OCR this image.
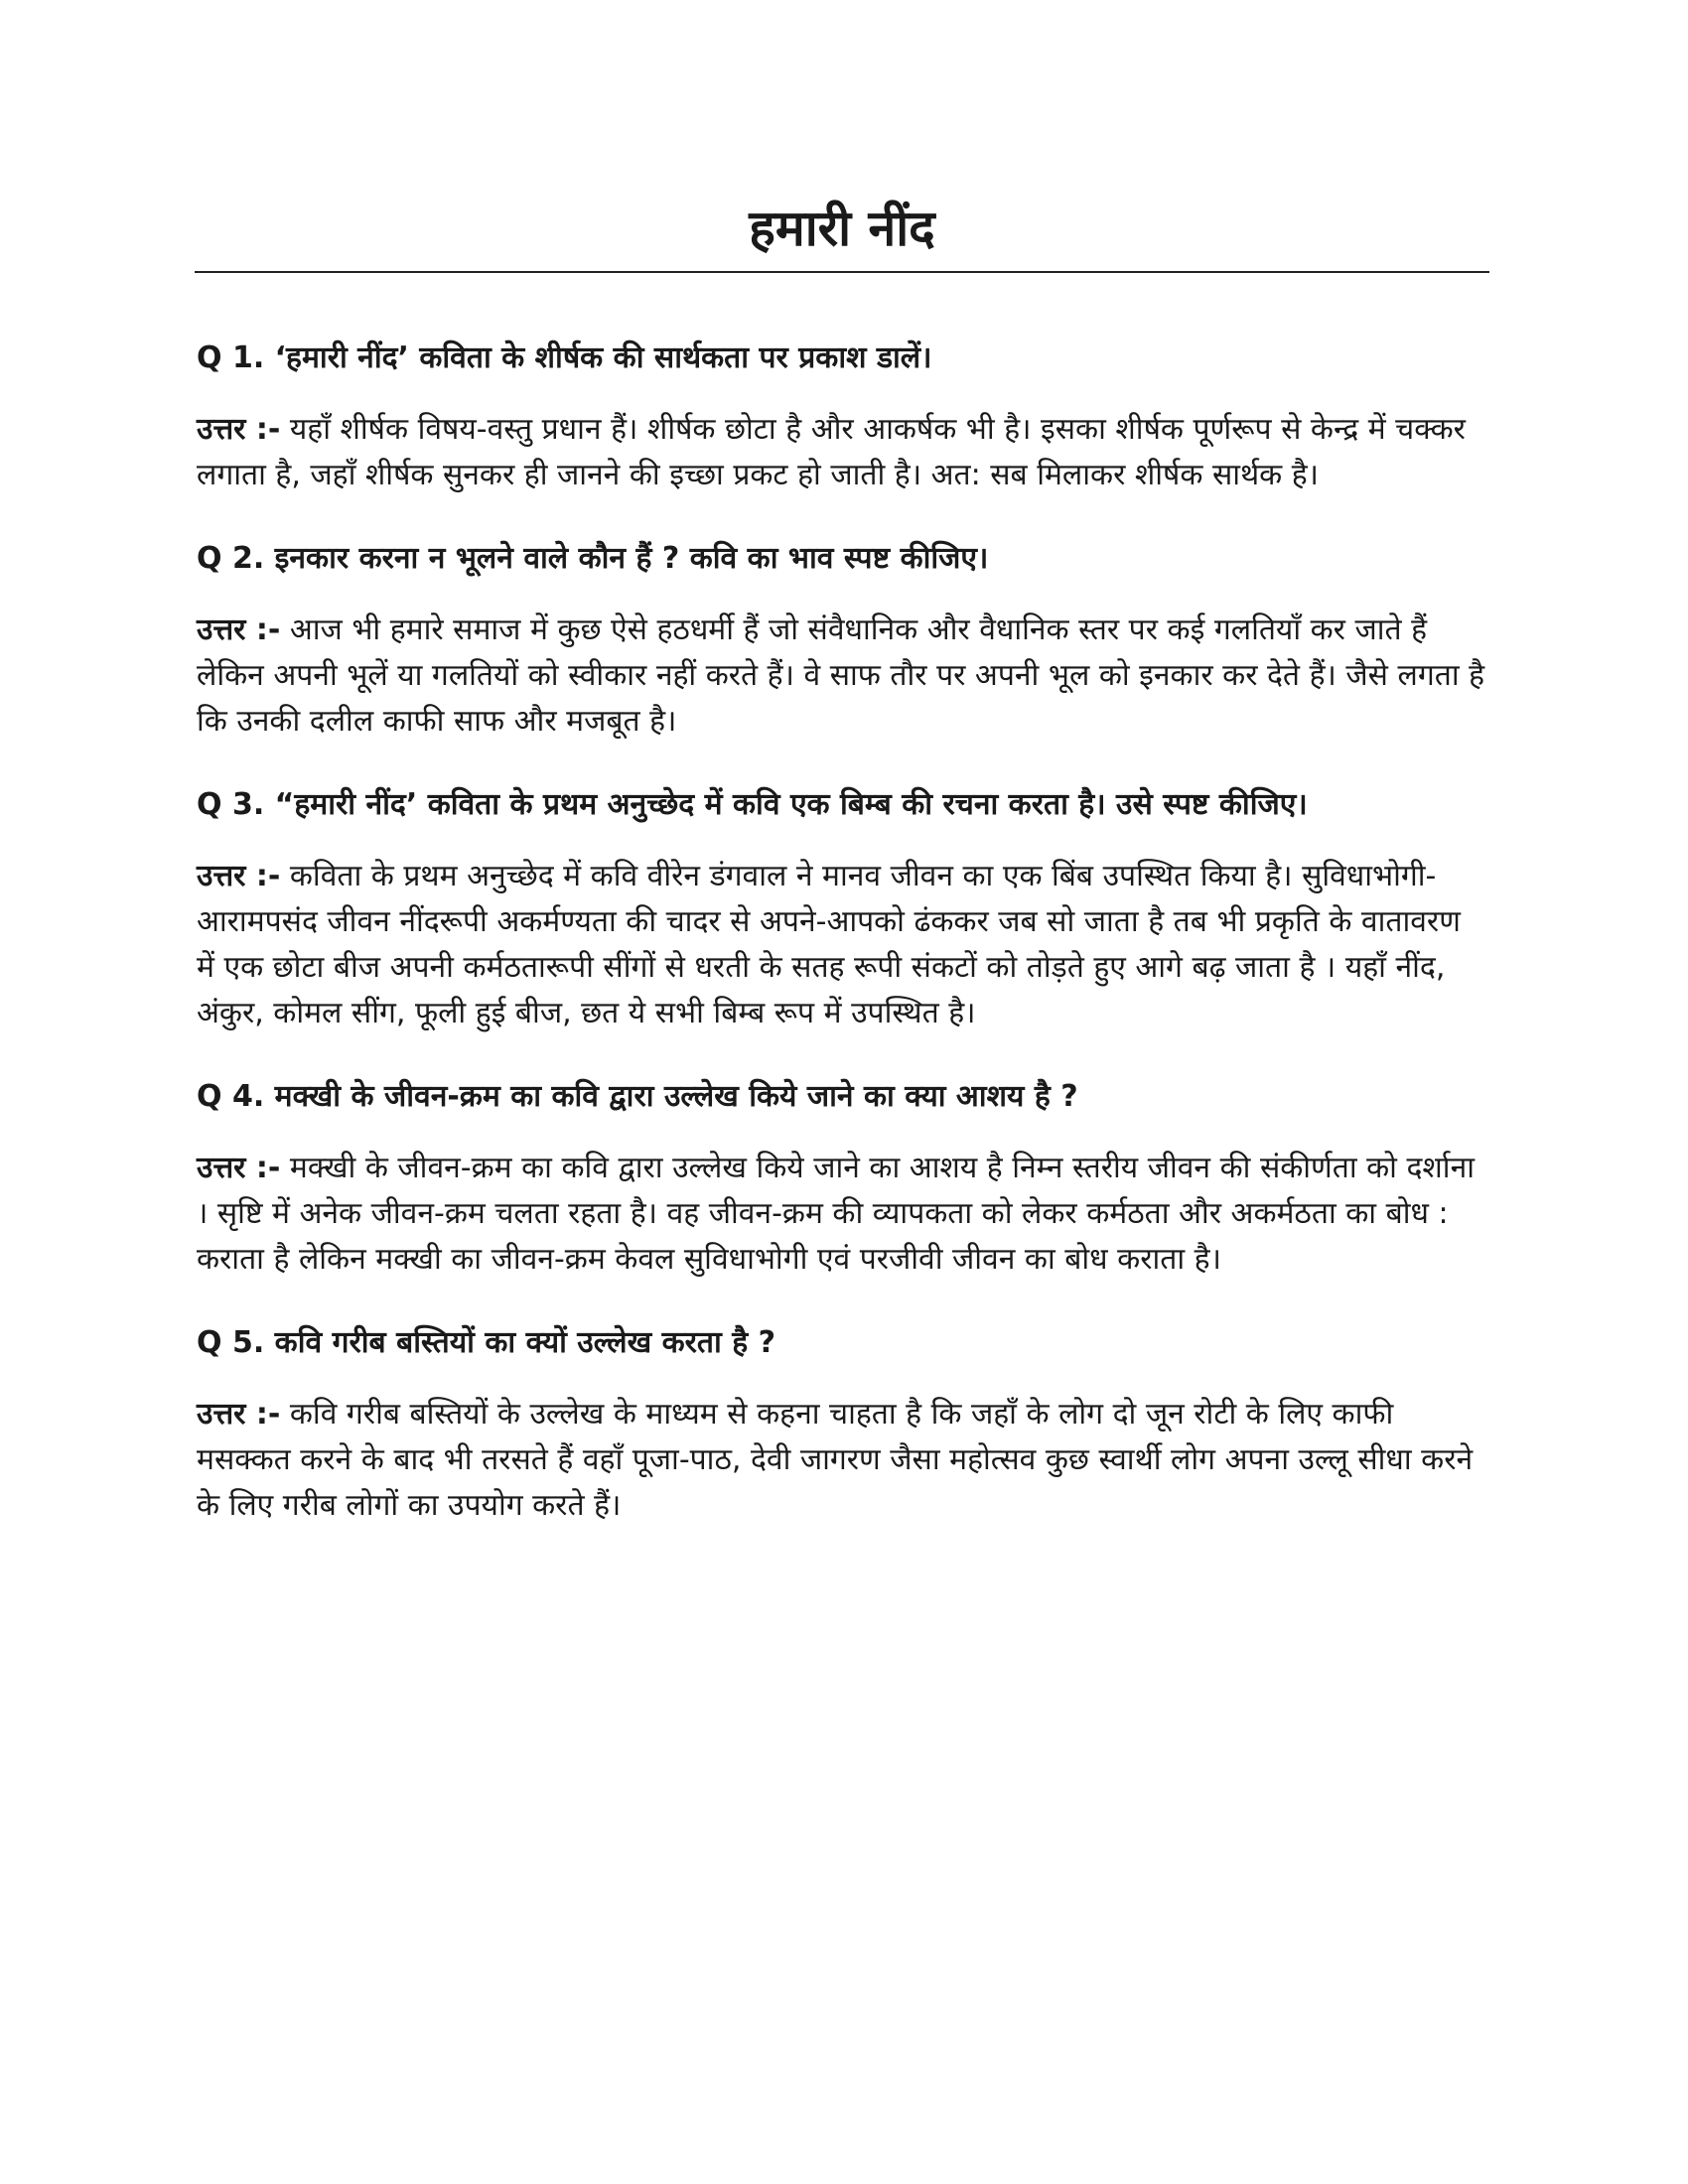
हमारी नींद

Q 1. ‘हमारी नींद’ कविता के शीर्षक की सार्थकता पर प्रकाश डालें।

उत्तर :- यहाँ शीर्षक विषय-वस्तु प्रधान हैं। शीर्षक छोटा है और आकर्षक भी है। इसका शीर्षक पूर्णरूप से केन्द्र में चक्कर लगाता है, जहाँ शीर्षक सुनकर ही जानने की इच्छा प्रकट हो जाती है। अत: सब मिलाकर शीर्षक सार्थक है।

Q 2. इनकार करना न भूलने वाले कौन हैं ? कवि का भाव स्पष्ट कीजिए।

उत्तर :- आज भी हमारे समाज में कुछ ऐसे हठधर्मी हैं जो संवैधानिक और वैधानिक स्तर पर कई गलतियाँ कर जाते हैं लेकिन अपनी भूलें या गलतियों को स्वीकार नहीं करते हैं। वे साफ तौर पर अपनी भूल को इनकार कर देते हैं। जैसे लगता है कि उनकी दलील काफी साफ और मजबूत है।

Q 3. “हमारी नींद’ कविता के प्रथम अनुच्छेद में कवि एक बिम्ब की रचना करता है। उसे स्पष्ट कीजिए।

उत्तर :- कविता के प्रथम अनुच्छेद में कवि वीरेन डंगवाल ने मानव जीवन का एक बिंब उपस्थित किया है। सुविधाभोगी-आरामपसंद जीवन नींदरूपी अकर्मण्यता की चादर से अपने-आपको ढंककर जब सो जाता है तब भी प्रकृति के वातावरण में एक छोटा बीज अपनी कर्मठतारूपी सींगों से धरती के सतह रूपी संकटों को तोड़ते हुए आगे बढ़ जाता है । यहाँ नींद, अंकुर, कोमल सींग, फूली हुई बीज, छत ये सभी बिम्ब रूप में उपस्थित है।

Q 4. मक्खी के जीवन-क्रम का कवि द्वारा उल्लेख किये जाने का क्या आशय है ?

उत्तर :- मक्खी के जीवन-क्रम का कवि द्वारा उल्लेख किये जाने का आशय है निम्न स्तरीय जीवन की संकीर्णता को दर्शाना । सृष्टि में अनेक जीवन-क्रम चलता रहता है। वह जीवन-क्रम की व्यापकता को लेकर कर्मठता और अकर्मठता का बोध : कराता है लेकिन मक्खी का जीवन-क्रम केवल सुविधाभोगी एवं परजीवी जीवन का बोध कराता है।

Q 5. कवि गरीब बस्तियों का क्यों उल्लेख करता है ?

उत्तर :- कवि गरीब बस्तियों के उल्लेख के माध्यम से कहना चाहता है कि जहाँ के लोग दो जून रोटी के लिए काफी मसक्कत करने के बाद भी तरसते हैं वहाँ पूजा-पाठ, देवी जागरण जैसा महोत्सव कुछ स्वार्थी लोग अपना उल्लू सीधा करने के लिए गरीब लोगों का उपयोग करते हैं।
